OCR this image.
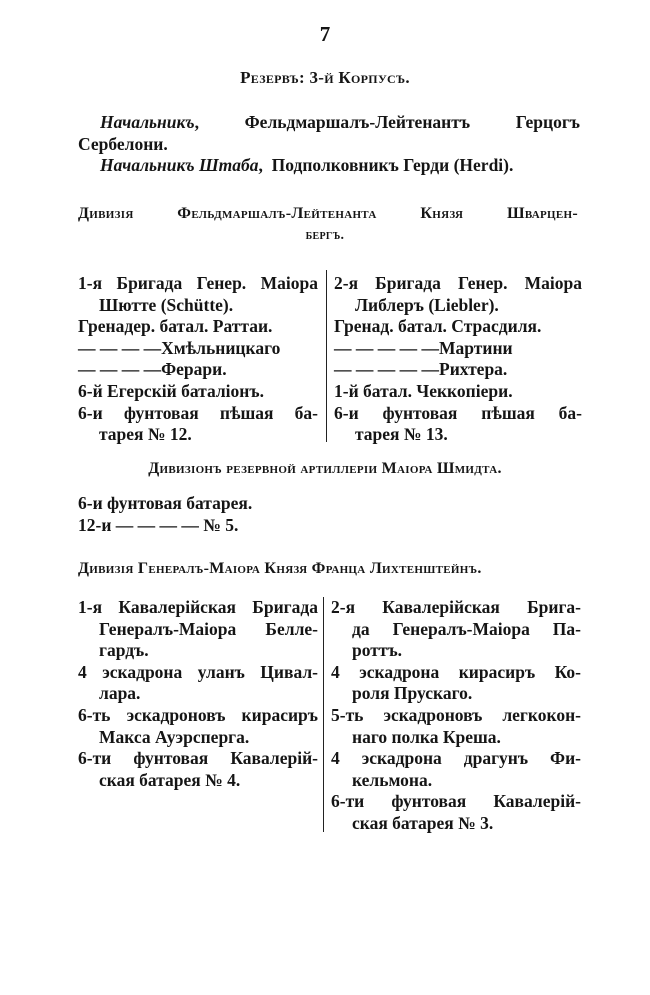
7
Резервъ: 3-й Корпусъ.
Начальникъ, Фельдмаршалъ-Лейтенантъ Герцогъ
Сербелони.
Начальникъ Штаба,  Подполковникъ Герди (Herdi).
Дивизія Фельдмаршалъ-Лейтенанта Князя Шварцен-
бергъ.
1-я Бригада Генер. Маіора
Шютте (Schütte).
Гренадер. батал. Раттаи.
— — — —Хмѣльницкаго
— — — —Ферари.
6-й Егерскій баталіонъ.
6-и фунтовая пѣшая ба-
тарея № 12.
2-я Бригада Генер. Маіора
Либлеръ (Liebler).
Гренад. батал. Страсдиля.
— — — — —Мартини
— — — — —Рихтера.
1-й батал. Чеккопіери.
6-и фунтовая пѣшая ба-
тарея № 13.
Дивизіонъ резервной артиллеріи Маіора Шмидта.
6-и фунтовая батарея.
12-и — — — — № 5.
Дивизія Генералъ-Маіора Князя Франца Лихтенштейнъ.
1-я Кавалерійская Бригада
Генералъ-Маіора Белле-
гардъ.
4 эскадрона уланъ Цивал-
лара.
6-ть эскадроновъ кирасиръ
Макса Ауэрсперга.
6-ти фунтовая Кавалерій-
ская батарея № 4.
2-я Кавалерійская Брига-
да Генералъ-Маіора Па-
роттъ.
4 эскадрона кирасиръ Ко-
роля Прускаго.
5-ть эскадроновъ легкокон-
наго полка Креша.
4 эскадрона драгунъ Фи-
кельмона.
6-ти фунтовая Кавалерій-
ская батарея № 3.
